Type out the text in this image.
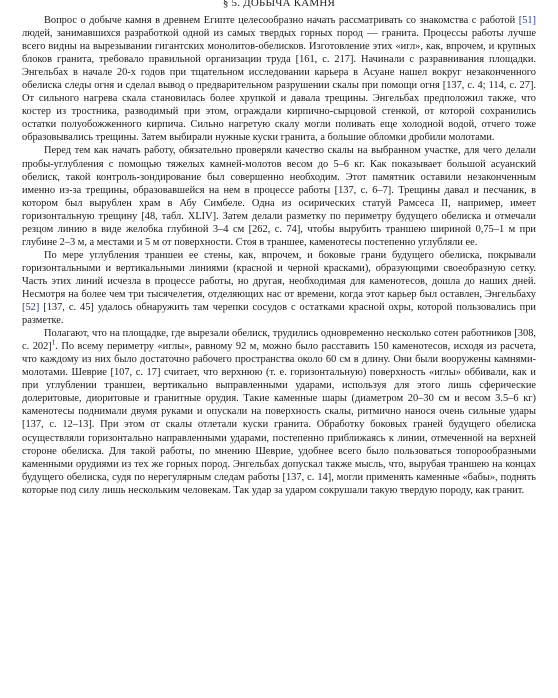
§ 5. ДОБЫЧА КАМНЯ

Вопрос о добыче камня в древнем Египте целесообразно начать рассматривать со знакомства с работой [51] людей, занимавшихся разработкой одной из самых твердых горных пород — гранита. Процессы работы лучше всего видны на вырезывании гигантских монолитов-обелисков. Изготовление этих «игл», как, впрочем, и крупных блоков гранита, требовало правильной организации труда [161, с. 217]. Начинали с разравнивания площадки. Энгельбах в начале 20-х годов при тщательном исследовании карьера в Асуане нашел вокруг незаконченного обелиска следы огня и сделал вывод о предварительном разрушении скалы при помощи огня [137, с. 4; 114, с. 27]. От сильного нагрева скала становилась более хрупкой и давала трещины. Энгельбах предположил также, что костер из тростника, разводимый при этом, ограждали кирпично-сырцовой стенкой, от которой сохранились остатки полуобожженного кирпича. Сильно нагретую скалу могли поливать еще холодной водой, отчего тоже образовывались трещины. Затем выбирали нужные куски гранита, а большие обломки дробили молотами.

Перед тем как начать работу, обязательно проверяли качество скалы на выбранном участке, для чего делали пробы-углубления с помощью тяжелых камней-молотов весом до 5–6 кг. Как показывает большой асуанский обелиск, такой контроль-зондирование был совершенно необходим. Этот памятник оставили незаконченным именно из-за трещины, образовавшейся на нем в процессе работы [137, с. 6–7]. Трещины давал и песчаник, в котором был вырублен храм в Абу Симбеле. Одна из осирических статуй Рамсеса II, например, имеет горизонтальную трещину [48, табл. XLIV]. Затем делали разметку по периметру будущего обелиска и отмечали резцом линию в виде желобка глубиной 3–4 см [262, с. 74], чтобы вырубить траншею шириной 0,75–1 м при глубине 2–3 м, а местами и 5 м от поверхности. Стоя в траншее, каменотесы постепенно углубляли ее.

По мере углубления траншеи ее стены, как, впрочем, и боковые грани будущего обелиска, покрывали горизонтальными и вертикальными линиями (красной и черной красками), образующими своеобразную сетку. Часть этих линий исчезла в процессе работы, но другая, необходимая для каменотесов, дошла до наших дней. Несмотря на более чем три тысячелетия, отделяющих нас от времени, когда этот карьер был оставлен, Энгельбаху [52] [137, с. 45] удалось обнаружить там черепки сосудов с остатками красной охры, которой пользовались при разметке.

Полагают, что на площадке, где вырезали обелиск, трудились одновременно несколько сотен работников [308, с. 202]$^1$. По всему периметру «иглы», равному 92 м, можно было расставить 150 каменотесов, исходя из расчета, что каждому из них было достаточно рабочего пространства около 60 см в длину. Они были вооружены камнями-молотами. Шеврие [107, с. 17] считает, что верхнюю (т. е. горизонтальную) поверхность «иглы» оббивали, как и при углублении траншеи, вертикально выправленными ударами, используя для этого лишь сферические долеритовые, диоритовые и гранитные орудия. Такие каменные шары (диаметром 20–30 см и весом 3.5–6 кг) каменотесы поднимали двумя руками и опускали на поверхность скалы, ритмично нанося очень сильные удары [137, с. 12–13]. При этом от скалы отлетали куски гранита. Обработку боковых граней будущего обелиска осуществляли горизонтально направленными ударами, постепенно приближаясь к линии, отмеченной на верхней стороне обелиска. Для такой работы, по мнению Шеврие, удобнее всего было пользоваться топорообразными каменными орудиями из тех же горных пород. Энгельбах допускал также мысль, что, вырубая траншею на концах будущего обелиска, судя по нерегулярным следам работы [137, с. 14], могли применять каменные «бабы», поднять которые под силу лишь нескольким человекам. Так удар за ударом сокрушали такую твердую породу, как гранит.
